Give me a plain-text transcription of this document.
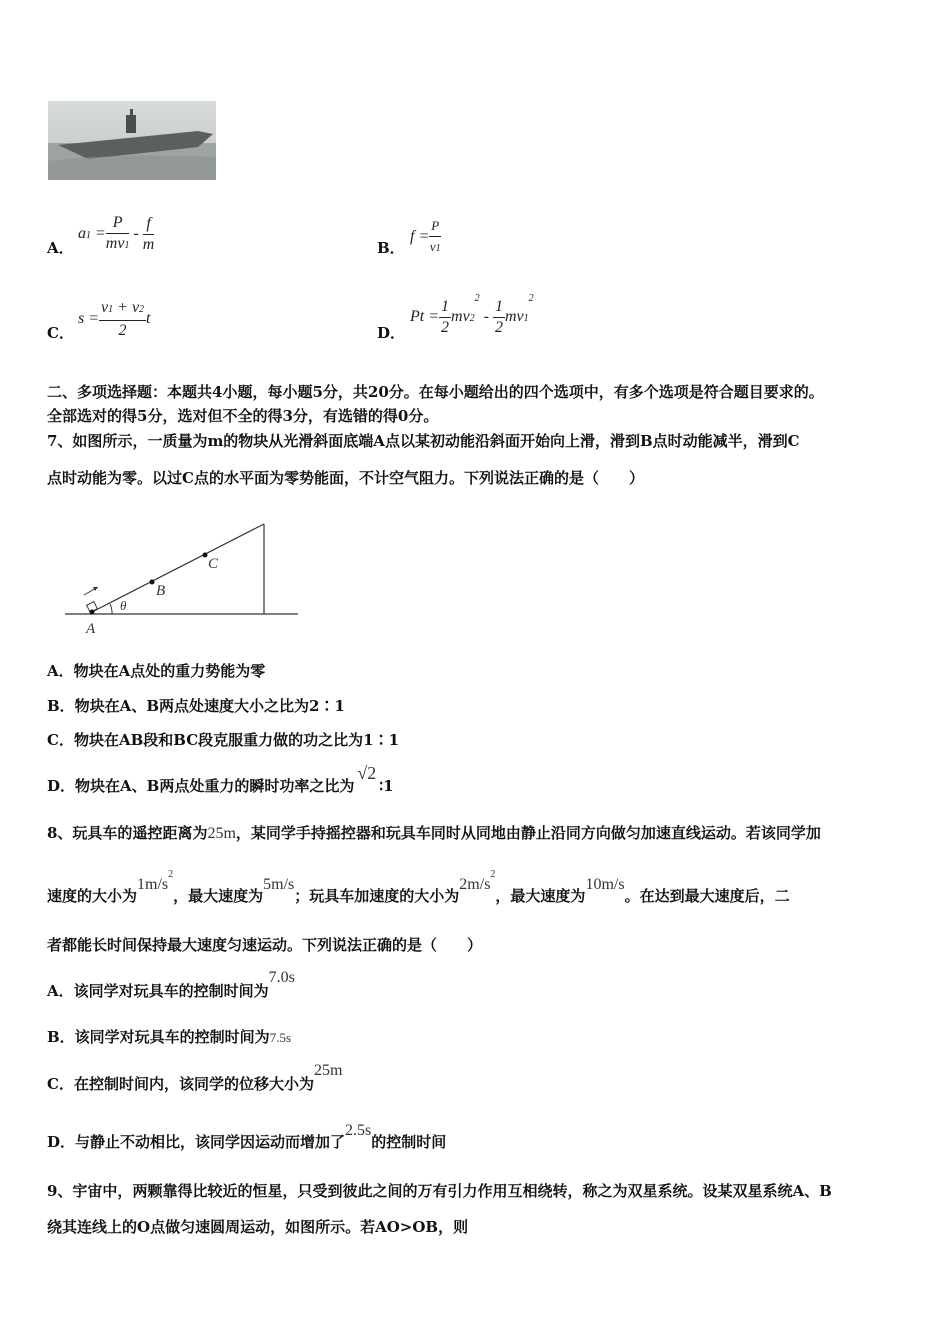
A．
$a1 = \frac{P}{mv1} - \frac{f}{m}$	B．
$f = \frac{P}{v1}$
C．
$s = \frac{v1 + v2}{2}$ t
D．
$Pt = \frac{1}{2} mv2^2 - \frac{1}{2} mv1^2$
二、多项选择题：本题共4小题，每小题5分，共20分。在每小题给出的四个选项中，有多个选项是符合题目要求的。
全部选对的得5分，选对但不全的得3分，有选错的得0分。
7、如图所示，一质量为m的物块从光滑斜面底端A点以某初动能沿斜面开始向上滑，滑到B点时动能减半，滑到C
点时动能为零。以过C点的水平面为零势能面，不计空气阻力。下列说法正确的是（　　）
A
B
C
θ
A．物块在A点处的重力势能为零
B．物块在A、B两点处速度大小之比为2∶1
C．物块在AB段和BC段克服重力做的功之比为1∶1
D．物块在A、B两点处重力的瞬时功率之比为√2∶1
8、玩具车的遥控距离为25m，某同学手持摇控器和玩具车同时从同地由静止沿同方向做匀加速直线运动。若该同学加
速度的大小为$1m/s^2$，最大速度为5m/s；玩具车加速度的大小为$2m/s^2$，最大速度为10m/s。在达到最大速度后，二
者都能长时间保持最大速度匀速运动。下列说法正确的是（　　）
A．该同学对玩具车的控制时间为7.0s
B．该同学对玩具车的控制时间为7.5s
C．在控制时间内，该同学的位移大小为25m
D．与静止不动相比，该同学因运动而增加了2.5s的控制时间
9、宇宙中，两颗靠得比较近的恒星，只受到彼此之间的万有引力作用互相绕转，称之为双星系统。设某双星系统A、B
绕其连线上的O点做匀速圆周运动，如图所示。若AO>OB，则
